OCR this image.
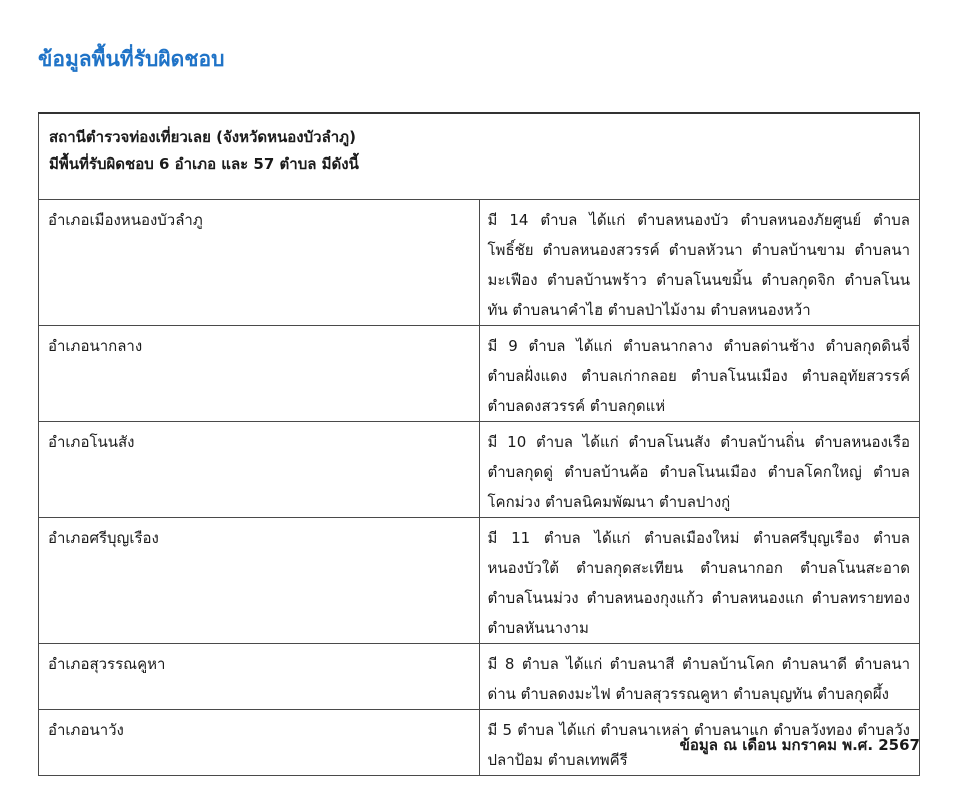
ข้อมูลพื้นที่รับผิดชอบ
สถานีตำรวจท่องเที่ยวเลย (จังหวัดหนองบัวลำภู)
มีพื้นที่รับผิดชอบ 6 อำเภอ และ 57 ตำบล มีดังนี้	

อำเภอเมืองหนองบัวลำภู	มี 14 ตำบล ได้แก่ ตำบลหนองบัว ตำบลหนองภัยศูนย์ ตำบลโพธิ์ชัย ตำบลหนองสวรรค์ ตำบลหัวนา ตำบลบ้านขาม ตำบลนามะเฟือง ตำบลบ้านพร้าว ตำบลโนนขมิ้น ตำบลกุดจิก ตำบลโนนทัน ตำบลนาคำไฮ ตำบลป่าไม้งาม ตำบลหนองหว้า

อำเภอนากลาง	มี 9 ตำบล ได้แก่ ตำบลนากลาง ตำบลด่านช้าง ตำบลกุดดินจี่ ตำบลฝั่งแดง ตำบลเก่ากลอย ตำบลโนนเมือง ตำบลอุทัยสวรรค์ ตำบลดงสวรรค์ ตำบลกุดแห่

อำเภอโนนสัง	มี 10 ตำบล ได้แก่ ตำบลโนนสัง ตำบลบ้านถิ่น ตำบลหนองเรือ ตำบลกุดดู่ ตำบลบ้านค้อ ตำบลโนนเมือง ตำบลโคกใหญ่ ตำบลโคกม่วง ตำบลนิคมพัฒนา ตำบลปางกู่

อำเภอศรีบุญเรือง	มี 11 ตำบล ได้แก่ ตำบลเมืองใหม่ ตำบลศรีบุญเรือง ตำบลหนองบัวใต้ ตำบลกุดสะเทียน ตำบลนากอก ตำบลโนนสะอาด ตำบลโนนม่วง ตำบลหนองกุงแก้ว ตำบลหนองแก ตำบลทรายทอง ตำบลหันนางาม

อำเภอสุวรรณคูหา	มี 8 ตำบล ได้แก่ ตำบลนาสี ตำบลบ้านโคก ตำบลนาดี ตำบลนาด่าน ตำบลดงมะไฟ ตำบลสุวรรณคูหา ตำบลบุญทัน ตำบลกุดผึ้ง

อำเภอนาวัง	มี 5 ตำบล ได้แก่ ตำบลนาเหล่า ตำบลนาแก ตำบลวังทอง ตำบลวังปลาป้อม ตำบลเทพคีรี
ข้อมูล ณ เดือน มกราคม พ.ศ. 2567
